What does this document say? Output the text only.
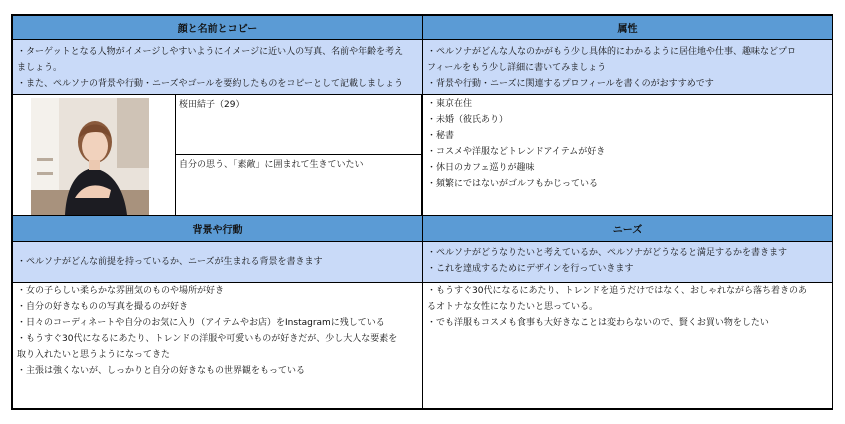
顔と名前とコピー	属性
・ターゲットとなる人物がイメージしやすいようにイメージに近い人の写真、名前や年齢を考え
ましょう。
・また、ペルソナの背景や行動・ニーズやゴールを要約したものをコピーとして記載しましょう
・ペルソナがどんな人なのかがもう少し具体的にわかるように居住地や仕事、趣味などプロ
フィールをもう少し詳細に書いてみましょう
・背景や行動・ニーズに関連するプロフィールを書くのがおすすめです
桜田結子（29）
自分の思う、「素敵」に囲まれて生きていたい
・東京在住
・未婚（彼氏あり）
・秘書
・コスメや洋服などトレンドアイテムが好き
・休日のカフェ巡りが趣味
・頻繁にではないがゴルフもかじっている
背景や行動	ニーズ
・ペルソナがどんな前提を持っているか、ニーズが生まれる背景を書きます
・ペルソナがどうなりたいと考えているか、ペルソナがどうなると満足するかを書きます
・これを達成するためにデザインを行っていきます
・女の子らしい柔らかな雰囲気のものや場所が好き
・自分の好きなものの写真を撮るのが好き
・日々のコーディネートや自分のお気に入り（アイテムやお店）をInstagramに残している
・もうすぐ30代になるにあたり、トレンドの洋服や可愛いものが好きだが、少し大人な要素を
取り入れたいと思うようになってきた
・主張は強くないが、しっかりと自分の好きなもの世界観をもっている
・もうすぐ30代になるにあたり、トレンドを追うだけではなく、おしゃれながら落ち着きのあ
るオトナな女性になりたいと思っている。
・でも洋服もコスメも食事も大好きなことは変わらないので、賢くお買い物をしたい
